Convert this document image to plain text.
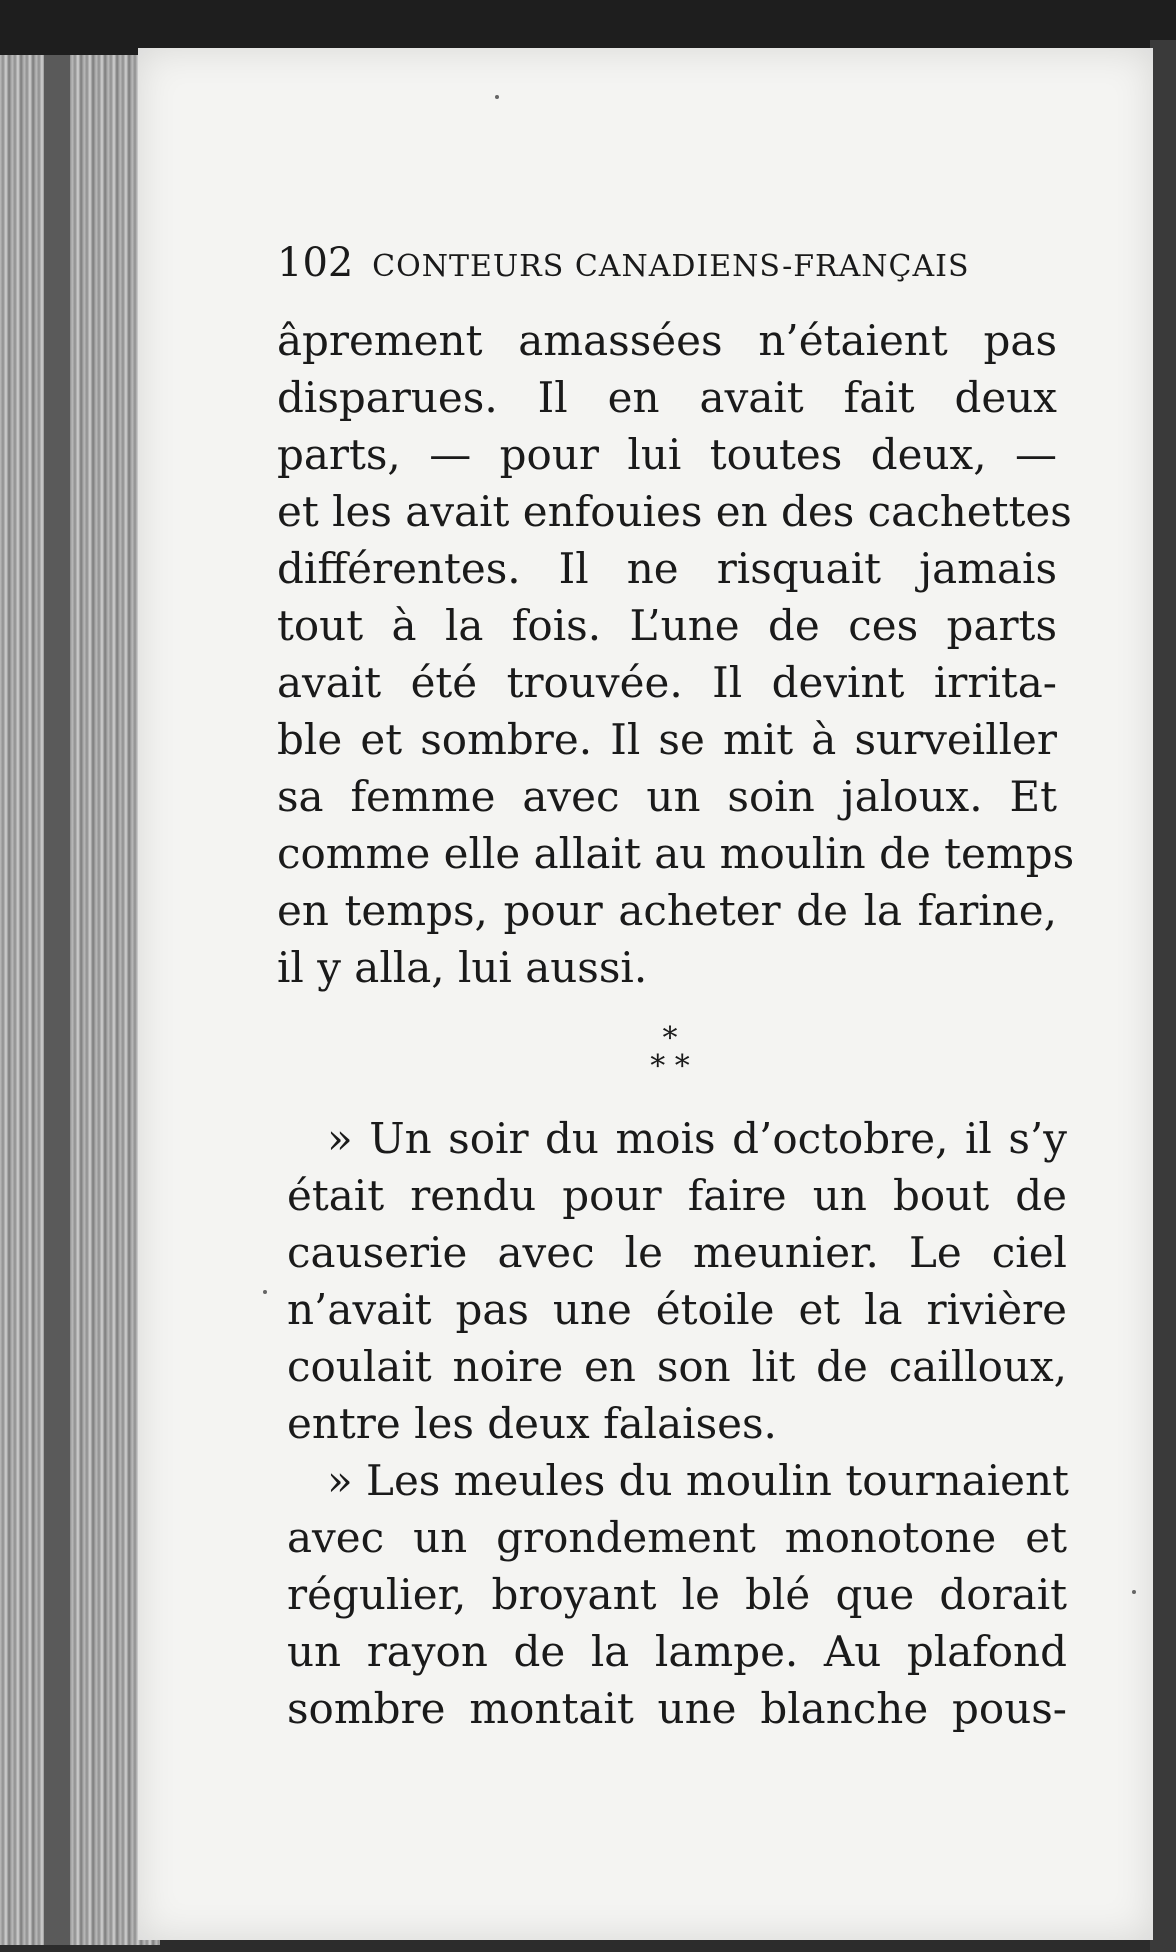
102 CONTEURS CANADIENS-FRANÇAIS
âprement amassées n’étaient pas
disparues. Il en avait fait deux
parts, — pour lui toutes deux, —
et les avait enfouies en des cachettes
différentes. Il ne risquait jamais
tout à la fois. L’une de ces parts
avait été trouvée. Il devint irrita-
ble et sombre. Il se mit à surveiller
sa femme avec un soin jaloux. Et
comme elle allait au moulin de temps
en temps, pour acheter de la farine,
il y alla, lui aussi.
*
* *
» Un soir du mois d’octobre, il s’y
était rendu pour faire un bout de
causerie avec le meunier. Le ciel
n’avait pas une étoile et la rivière
coulait noire en son lit de cailloux,
entre les deux falaises.
» Les meules du moulin tournaient
avec un grondement monotone et
régulier, broyant le blé que dorait
un rayon de la lampe. Au plafond
sombre montait une blanche pous-
